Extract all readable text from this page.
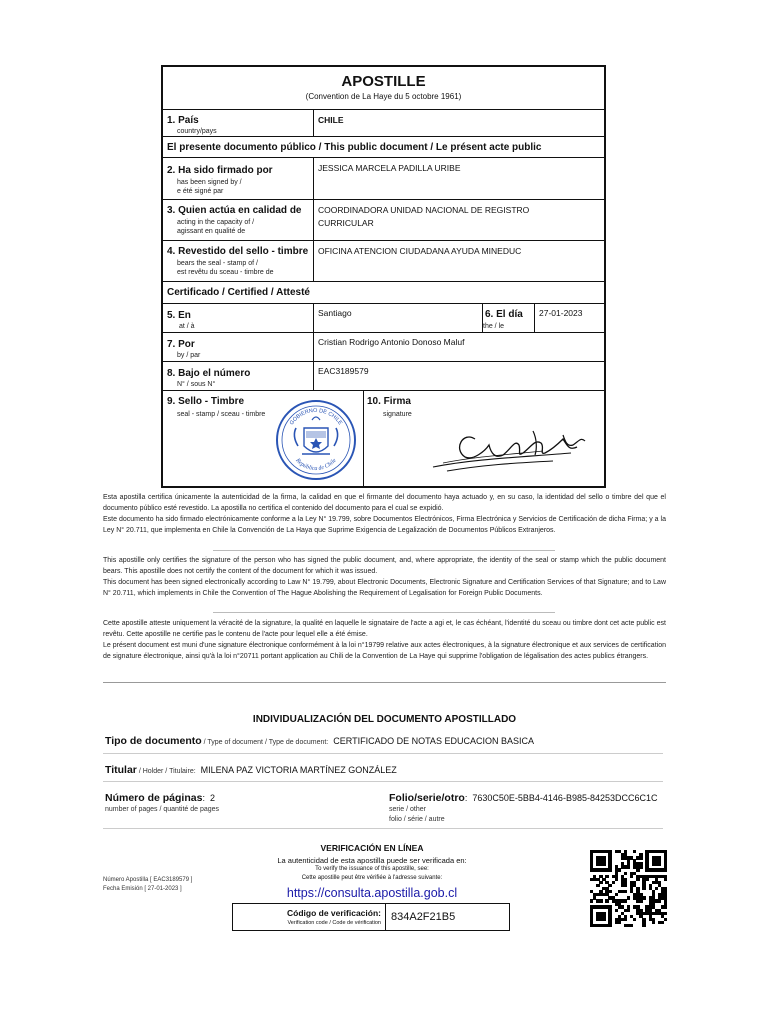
APOSTILLE
(Convention de La Haye du 5 octobre 1961)
1. País
country/pays
CHILE
El presente documento público / This public document / Le présent acte public
2. Ha sido firmado por
has been signed by /
e été signé par
JESSICA MARCELA PADILLA URIBE
3. Quien actúa en calidad de
acting in the capacity of /
agissant en qualité de
COORDINADORA UNIDAD NACIONAL DE REGISTRO
CURRICULAR
4. Revestido del sello - timbre
bears the seal - stamp of /
est revêtu du sceau - timbre de
OFICINA ATENCION CIUDADANA AYUDA MINEDUC
Certificado / Certified / Attesté
5. En
at / à
Santiago	6. El día
the / le
27-01-2023
7. Por
by / par
Cristian Rodrigo Antonio Donoso Maluf
8. Bajo el número
N° / sous N°
EAC3189579
9. Sello - Timbre
seal - stamp / sceau - timbre
10. Firma
signature
GOBIERNO DE CHILE
República de Chile
Esta apostilla certifica únicamente la autenticidad de la firma, la calidad en que el firmante del documento haya actuado y, en su caso, la identidad del sello o timbre del que el documento público esté revestido. La apostilla no certifica el contenido del documento para el cual se expidió.
Este documento ha sido firmado electrónicamente conforme a la Ley N° 19.799, sobre Documentos Electrónicos, Firma Electrónica y Servicios de Certificación de dicha Firma; y a la Ley N° 20.711, que implementa en Chile la Convención de La Haya que Suprime Exigencia de Legalización de Documentos Públicos Extranjeros.
This apostille only certifies the signature of the person who has signed the public document, and, where appropriate, the identity of the seal or stamp which the public document bears. This apostille does not certify the content of the document for which it was issued.
This document has been signed electronically according to Law N° 19.799, about Electronic Documents, Electronic Signature and Certification Services of that Signature; and to Law N° 20.711, which implements in Chile the Convention of The Hague Abolishing the Requirement of Legalisation for Foreign Public Documents.
Cette apostille atteste uniquement la véracité de la signature, la qualité en laquelle le signataire de l'acte a agi et, le cas échéant, l'identité du sceau ou timbre dont cet acte public est revêtu. Cette apostille ne certifie pas le contenu de l'acte pour lequel elle a été émise.
Le présent document est muni d'une signature électronique conformément à la loi n°19799 relative aux actes électroniques, à la signature électronique et aux services de certification de signature électronique, ainsi qu'à la loi n°20711 portant application au Chili de la Convention de La Haye qui supprime l'obligation de légalisation des actes publics étrangers.
INDIVIDUALIZACIÓN DEL DOCUMENTO APOSTILLADO
Tipo de documento / Type of document / Type de document: CERTIFICADO DE NOTAS EDUCACION BASICA
Titular / Holder / Titulaire: MILENA PAZ VICTORIA MARTÍNEZ GONZÁLEZ
Número de páginas: 2
number of pages / quantité de pages
Folio/serie/otro: 7630C50E-5BB4-4146-B985-84253DCC6C1C
serie / other
folio / série / autre
VERIFICACIÓN EN LÍNEA
La autenticidad de esta apostilla puede ser verificada en:
To verify the issuance of this apostille, see:
Cette apostille peut être vérifiée à l'adresse suivante:
https://consulta.apostilla.gob.cl
Número Apostilla [ EAC3189579 ]
Fecha Emisión [ 27-01-2023 ]
Código de verificación:
Verification code / Code de vérification 834A2F21B5
